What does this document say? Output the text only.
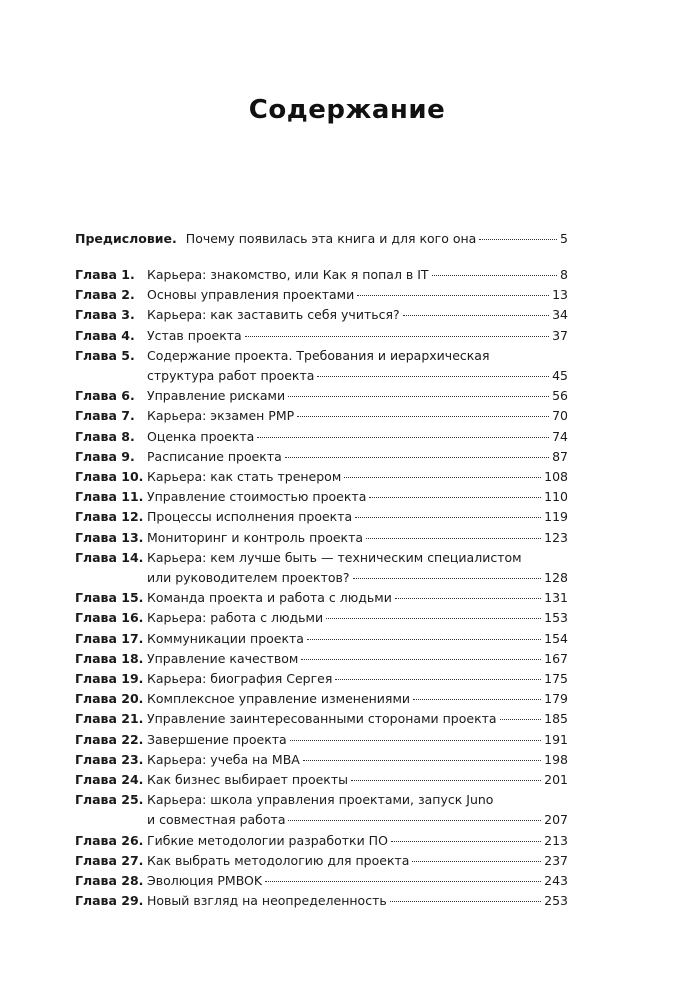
Содержание
Предисловие. Почему появилась эта книга и для кого она	5
Глава 1. Карьера: знакомство, или Как я попал в IT	8
Глава 2. Основы управления проектами	13
Глава 3. Карьера: как заставить себя учиться?	34
Глава 4. Устав проекта	37
Глава 5. Содержание проекта. Требования и иерархическая
структура работ проекта	45
Глава 6. Управление рисками	56
Глава 7. Карьера: экзамен PMP	70
Глава 8. Оценка проекта	74
Глава 9. Расписание проекта	87
Глава 10. Карьера: как стать тренером	108
Глава 11. Управление стоимостью проекта	110
Глава 12. Процессы исполнения проекта	119
Глава 13. Мониторинг и контроль проекта	123
Глава 14. Карьера: кем лучше быть — техническим специалистом
или руководителем проектов?	128
Глава 15. Команда проекта и работа с людьми	131
Глава 16. Карьера: работа с людьми	153
Глава 17. Коммуникации проекта	154
Глава 18. Управление качеством	167
Глава 19. Карьера: биография Сергея	175
Глава 20. Комплексное управление изменениями	179
Глава 21. Управление заинтересованными сторонами проекта	185
Глава 22. Завершение проекта	191
Глава 23. Карьера: учеба на MBA	198
Глава 24. Как бизнес выбирает проекты	201
Глава 25. Карьера: школа управления проектами, запуск Juno
и совместная работа	207
Глава 26. Гибкие методологии разработки ПО	213
Глава 27. Как выбрать методологию для проекта	237
Глава 28. Эволюция PMBOK	243
Глава 29. Новый взгляд на неопределенность	253
